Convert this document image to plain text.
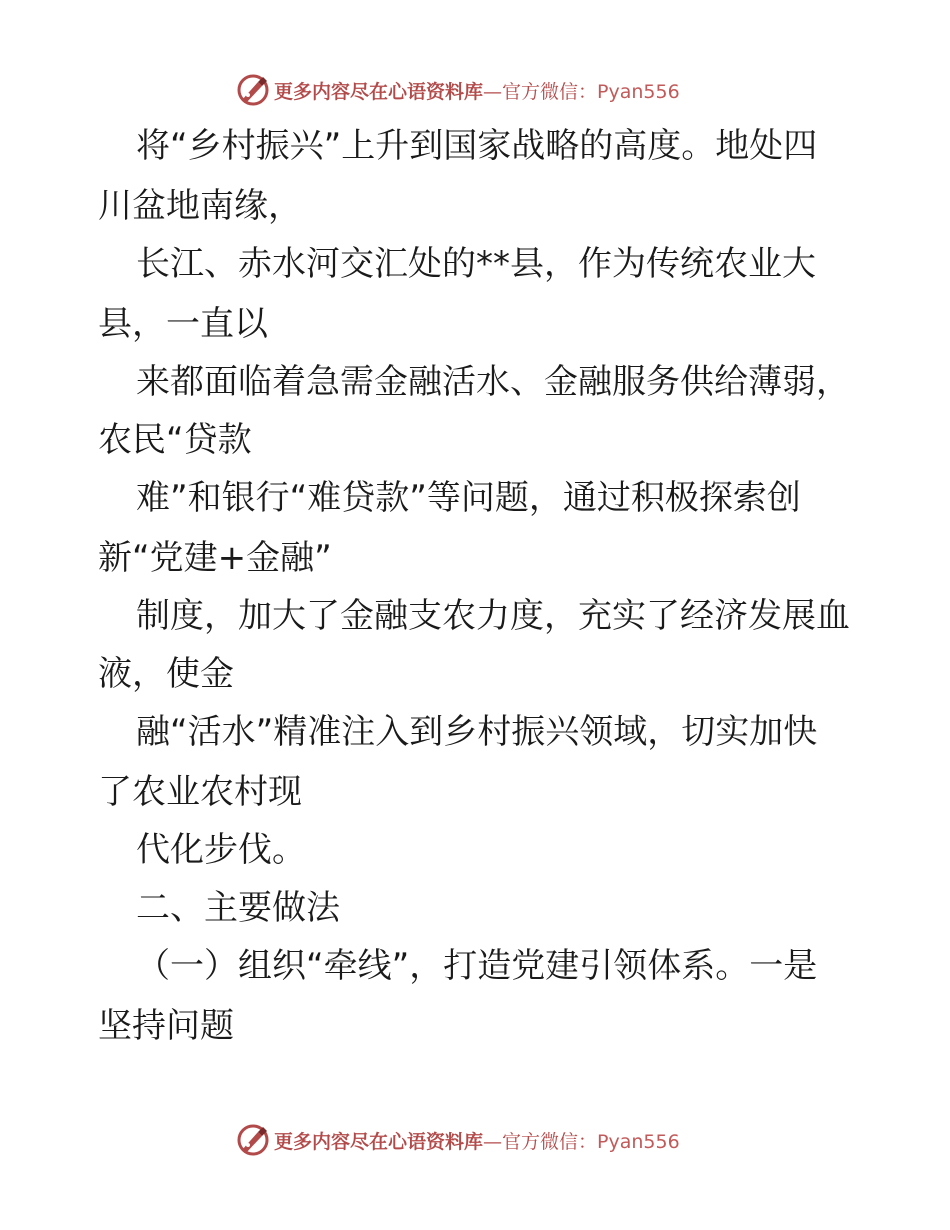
更多内容尽在心语资料库—官方微信：Pyan556
将“乡村振兴”上升到国家战略的高度。地处四
川盆地南缘，
长江、赤水河交汇处的**县，作为传统农业大
县，一直以
来都面临着急需金融活水、金融服务供给薄弱，
农民“贷款
难”和银行“难贷款”等问题，通过积极探索创
新“党建+金融”
制度，加大了金融支农力度，充实了经济发展血
液，使金
融“活水”精准注入到乡村振兴领域，切实加快
了农业农村现
代化步伐。
二、主要做法
（一）组织“牵线”，打造党建引领体系。一是
坚持问题
更多内容尽在心语资料库—官方微信：Pyan556
